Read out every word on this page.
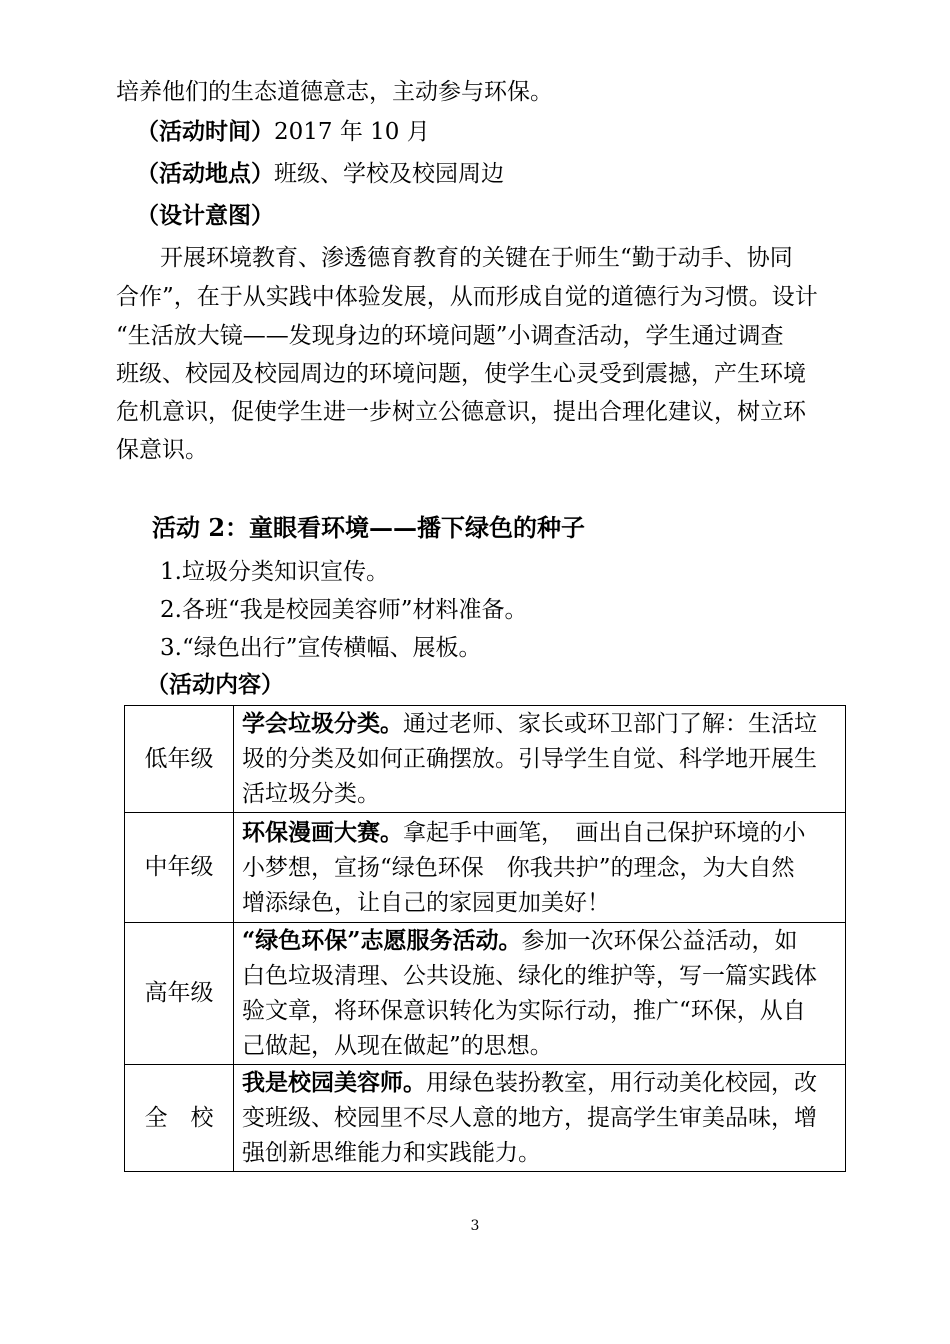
培养他们的生态道德意志，主动参与环保。
（活动时间）2017 年 10 月
（活动地点）班级、学校及校园周边
（设计意图）
开展环境教育、渗透德育教育的关键在于师生“勤于动手、协同
合作”，在于从实践中体验发展，从而形成自觉的道德行为习惯。设计
“生活放大镜——发现身边的环境问题”小调查活动，学生通过调查
班级、校园及校园周边的环境问题，使学生心灵受到震撼，产生环境
危机意识，促使学生进一步树立公德意识，提出合理化建议，树立环
保意识。
活动 2：童眼看环境——播下绿色的种子
1.垃圾分类知识宣传。
2.各班“我是校园美容师”材料准备。
3.“绿色出行”宣传横幅、展板。
（活动内容）
低年级	学会垃圾分类。通过老师、家长或环卫部门了解：生活垃
圾的分类及如何正确摆放。引导学生自觉、科学地开展生
活垃圾分类。
中年级	环保漫画大赛。拿起手中画笔，　画出自己保护环境的小
小梦想，宣扬“绿色环保　你我共护”的理念，为大自然
增添绿色，让自己的家园更加美好！
高年级	“绿色环保”志愿服务活动。参加一次环保公益活动，如
白色垃圾清理、公共设施、绿化的维护等，写一篇实践体
验文章，将环保意识转化为实际行动，推广“环保，从自
己做起，从现在做起”的思想。
全　校	我是校园美容师。用绿色装扮教室，用行动美化校园，改
变班级、校园里不尽人意的地方，提高学生审美品味，增
强创新思维能力和实践能力。
3
